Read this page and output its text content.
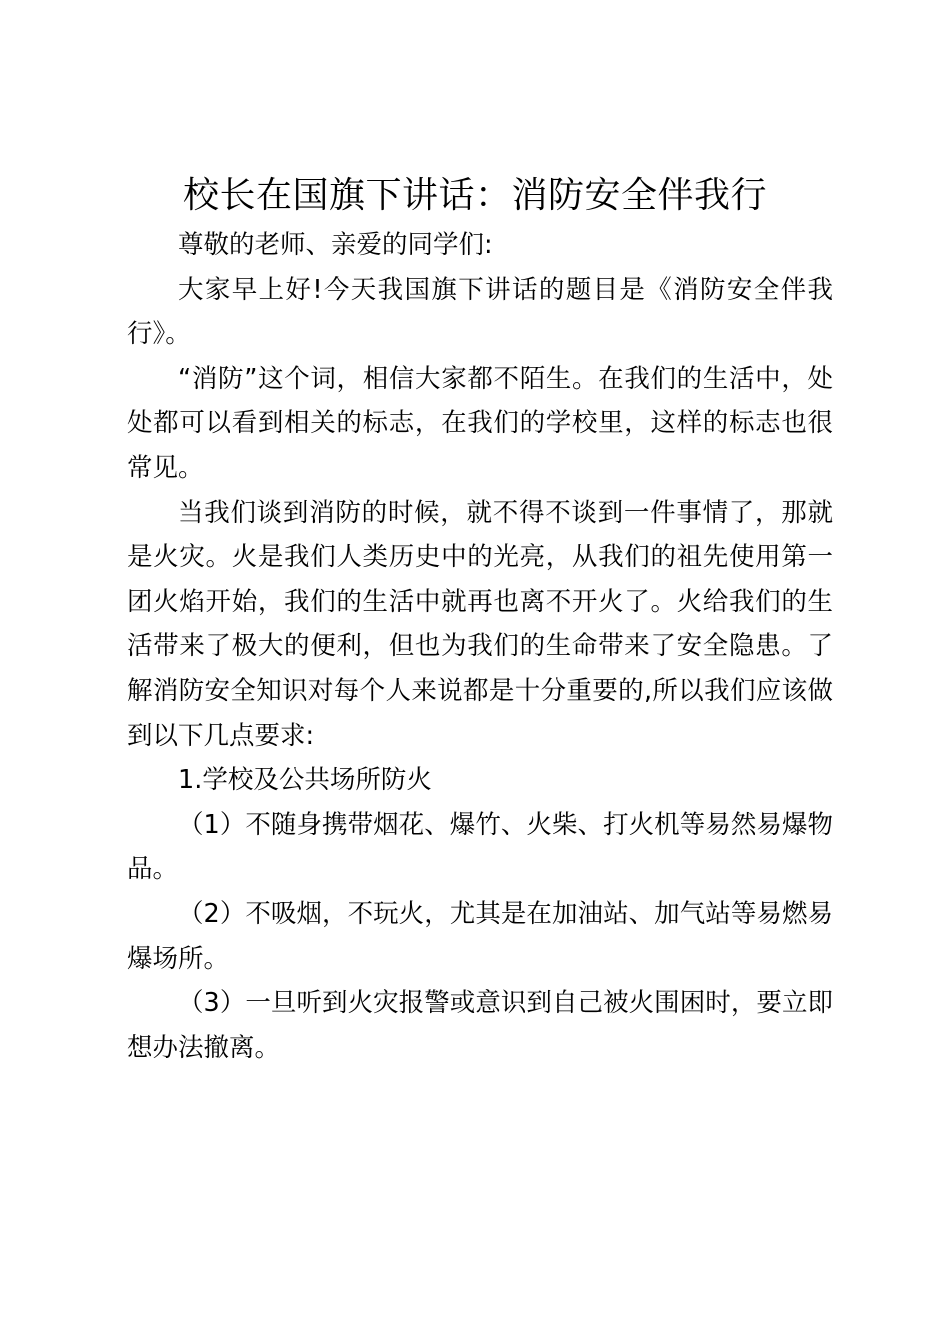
校长在国旗下讲话：消防安全伴我行

尊敬的老师、亲爱的同学们:

大家早上好!今天我国旗下讲话的题目是《消防安全伴我行》。

“消防”这个词，相信大家都不陌生。在我们的生活中，处处都可以看到相关的标志，在我们的学校里，这样的标志也很常见。

当我们谈到消防的时候，就不得不谈到一件事情了，那就是火灾。火是我们人类历史中的光亮，从我们的祖先使用第一团火焰开始，我们的生活中就再也离不开火了。火给我们的生活带来了极大的便利，但也为我们的生命带来了安全隐患。了解消防安全知识对每个人来说都是十分重要的,所以我们应该做到以下几点要求:

1.学校及公共场所防火

（1）不随身携带烟花、爆竹、火柴、打火机等易然易爆物品。

（2）不吸烟，不玩火，尤其是在加油站、加气站等易燃易爆场所。

（3）一旦听到火灾报警或意识到自己被火围困时，要立即想办法撤离。
